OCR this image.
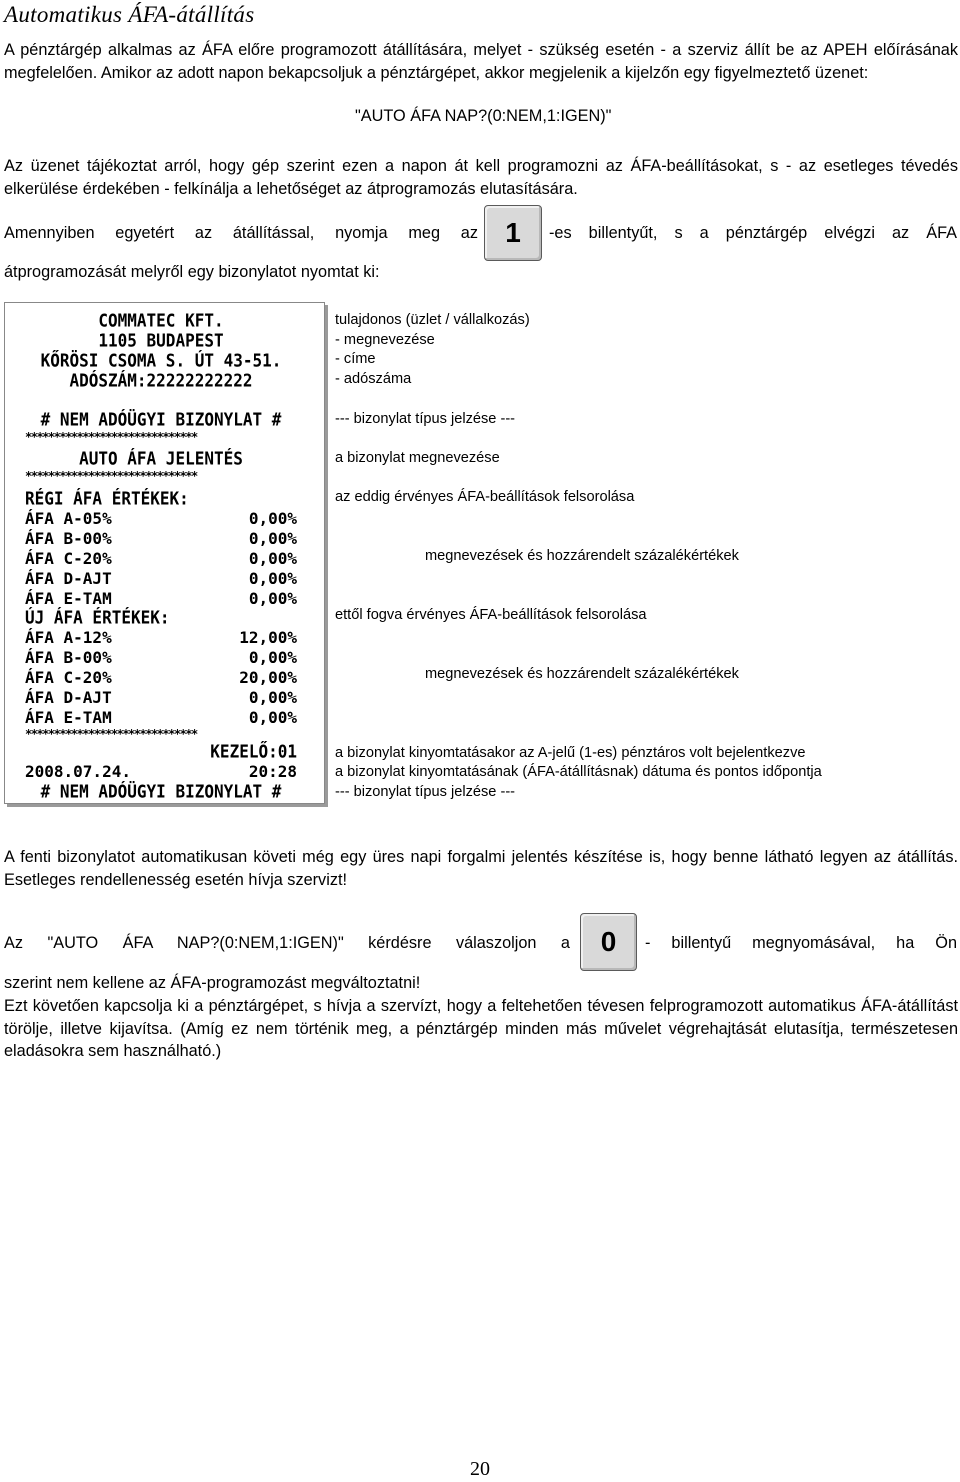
Automatikus ÁFA-átállítás
A pénztárgép alkalmas az ÁFA előre programozott átállítására, melyet - szükség esetén - a szerviz állít be az APEH előírásának megfelelően. Amikor az adott napon bekapcsoljuk a pénztárgépet, akkor megjelenik a kijelzőn egy figyelmeztető üzenet:
"AUTO ÁFA NAP?(0:NEM,1:IGEN)"
Az üzenet tájékoztat arról, hogy gép szerint ezen a napon át kell programozni az ÁFA-beállításokat, s - az esetleges tévedés elkerülése érdekében - felkínálja a lehetőséget az átprogramozás elutasítására.
Amennyiben egyetért az átállítással, nyomja meg az 1 -es billentyűt, s a pénztárgép elvégzi az ÁFA
átprogramozását melyről egy bizonylatot nyomtat ki:
COMMATEC KFT.
1105 BUDAPEST
KŐRÖSI CSOMA S. ÚT 43-51.
ADÓSZÁM:22222222222
# NEM ADÓÜGYI BIZONYLAT #
******************************
AUTO ÁFA JELENTÉS
******************************
RÉGI ÁFA ÉRTÉKEK:
ÁFA A-05%	0,00%
ÁFA B-00%	0,00%
ÁFA C-20%	0,00%
ÁFA D-AJT	0,00%
ÁFA E-TAM	0,00%
ÚJ ÁFA ÉRTÉKEK:
ÁFA A-12%	12,00%
ÁFA B-00%	0,00%
ÁFA C-20%	20,00%
ÁFA D-AJT	0,00%
ÁFA E-TAM	0,00%
******************************
KEZELŐ:01
2008.07.24.	20:28
# NEM ADÓÜGYI BIZONYLAT #
tulajdonos (üzlet / vállalkozás)
- megnevezése
- címe
- adószáma
--- bizonylat típus jelzése ---
a bizonylat megnevezése
az eddig érvényes ÁFA-beállítások felsorolása
megnevezések és hozzárendelt százalékértékek
ettől fogva érvényes ÁFA-beállítások felsorolása
megnevezések és hozzárendelt százalékértékek
a bizonylat kinyomtatásakor az A-jelű (1-es) pénztáros volt bejelentkezve
a bizonylat kinyomtatásának (ÁFA-átállításnak) dátuma és pontos időpontja
--- bizonylat típus jelzése ---
A fenti bizonylatot automatikusan követi még egy üres napi forgalmi jelentés készítése is, hogy benne látható legyen az átállítás. Esetleges rendellenesség esetén hívja szervizt!
Az "AUTO ÁFA NAP?(0:NEM,1:IGEN)" kérdésre válaszoljon a 0 - billentyű megnyomásával, ha Ön
szerint nem kellene az ÁFA-programozást megváltoztatni!
Ezt követően kapcsolja ki a pénztárgépet, s hívja a szervízt, hogy a feltehetően tévesen felprogramozott automatikus ÁFA-átállítást törölje, illetve kijavítsa. (Amíg ez nem történik meg, a pénztárgép minden más művelet végrehajtását elutasítja, természetesen eladásokra sem használható.)
20
